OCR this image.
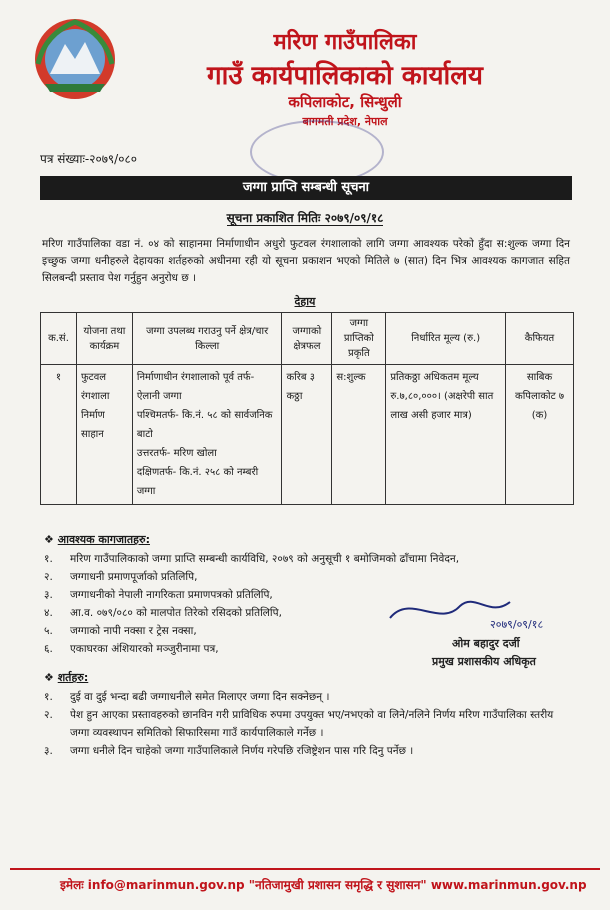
मरिण गाउँपालिका
गाउँ कार्यपालिकाको कार्यालय
कपिलाकोट, सिन्धुली
बागमती प्रदेश, नेपाल
पत्र संख्याः-२०७९/०८०
जग्गा प्राप्ति सम्बन्धी सूचना
सूचना प्रकाशित मितिः २०७९/०९/१८
मरिण गाउँपालिका वडा नं. ०४ को साहानमा निर्माणाधीन अधुरो फुटवल रंगशालाको लागि जग्गा आवश्यक परेको हुँदा स:शुल्क जग्गा दिन इच्छुक जग्गा धनीहरुले देहायका शर्तहरुको अधीनमा रही यो सूचना प्रकाशन भएको मितिले ७ (सात) दिन भित्र आवश्यक कागजात सहित सिलबन्दी प्रस्ताव पेश गर्नुहुन अनुरोध छ ।
देहाय
क.सं.	योजना तथा कार्यक्रम	जग्गा उपलब्ध गराउनु पर्ने क्षेत्र/चार किल्ला	जग्गाको क्षेत्रफल	जग्गा प्राप्तिको प्रकृति	निर्धारित मूल्य (रु.)	कैफियत
१	फुटवल रंगशाला निर्माण साहान	निर्माणाधीन रंगशालाको पूर्व तर्फ- ऐलानी जग्गा
पश्चिमतर्फ- कि.नं. ५८ को सार्वजनिक बाटो
उत्तरतर्फ- मरिण खोला
दक्षिणतर्फ- कि.नं. २५८ को नम्बरी जग्गा	करिब ३ कठ्ठा	स:शुल्क	प्रतिकठ्ठा अधिकतम मूल्य रु.७,८०,०००। (अक्षरेपी सात लाख असी हजार मात्र)	साबिक कपिलाकोट ७ (क)
❖ आवश्यक कागजातहरु:
१.	मरिण गाउँपालिकाको जग्गा प्राप्ति सम्बन्धी कार्यविधि, २०७९ को अनुसूची १ बमोजिमको ढाँचामा निवेदन,
२.	जग्गाधनी प्रमाणपूर्जाको प्रतिलिपि,
३.	जग्गाधनीको नेपाली नागरिकता प्रमाणपत्रको प्रतिलिपि,
४.	आ.व. ०७९/०८० को मालपोत तिरेको रसिदको प्रतिलिपि,
५.	जग्गाको नापी नक्सा र ट्रेस नक्सा,
६.	एकाघरका अंशियारको मञ्जुरीनामा पत्र,
२०७९/०९/१८
ओम बहादुर दर्जी
प्रमुख प्रशासकीय अधिकृत
❖ शर्तहरु:
१.	दुई वा दुई भन्दा बढी जग्गाधनीले समेत मिलाएर जग्गा दिन सक्नेछन् ।
२.	पेश हुन आएका प्रस्तावहरुको छानविन गरी प्राविधिक रुपमा उपयुक्त भए/नभएको वा लिने/नलिने निर्णय मरिण गाउँपालिका स्तरीय जग्गा व्यवस्थापन समितिको सिफारिसमा गाउँ कार्यपालिकाले गर्नेछ ।
३.	जग्गा धनीले दिन चाहेको जग्गा गाउँपालिकाले निर्णय गरेपछि रजिष्ट्रेशन पास गरि दिनु पर्नेछ ।
इमेलः info@marinmun.gov.np "नतिजामुखी प्रशासन समृद्धि र सुशासन" www.marinmun.gov.np
